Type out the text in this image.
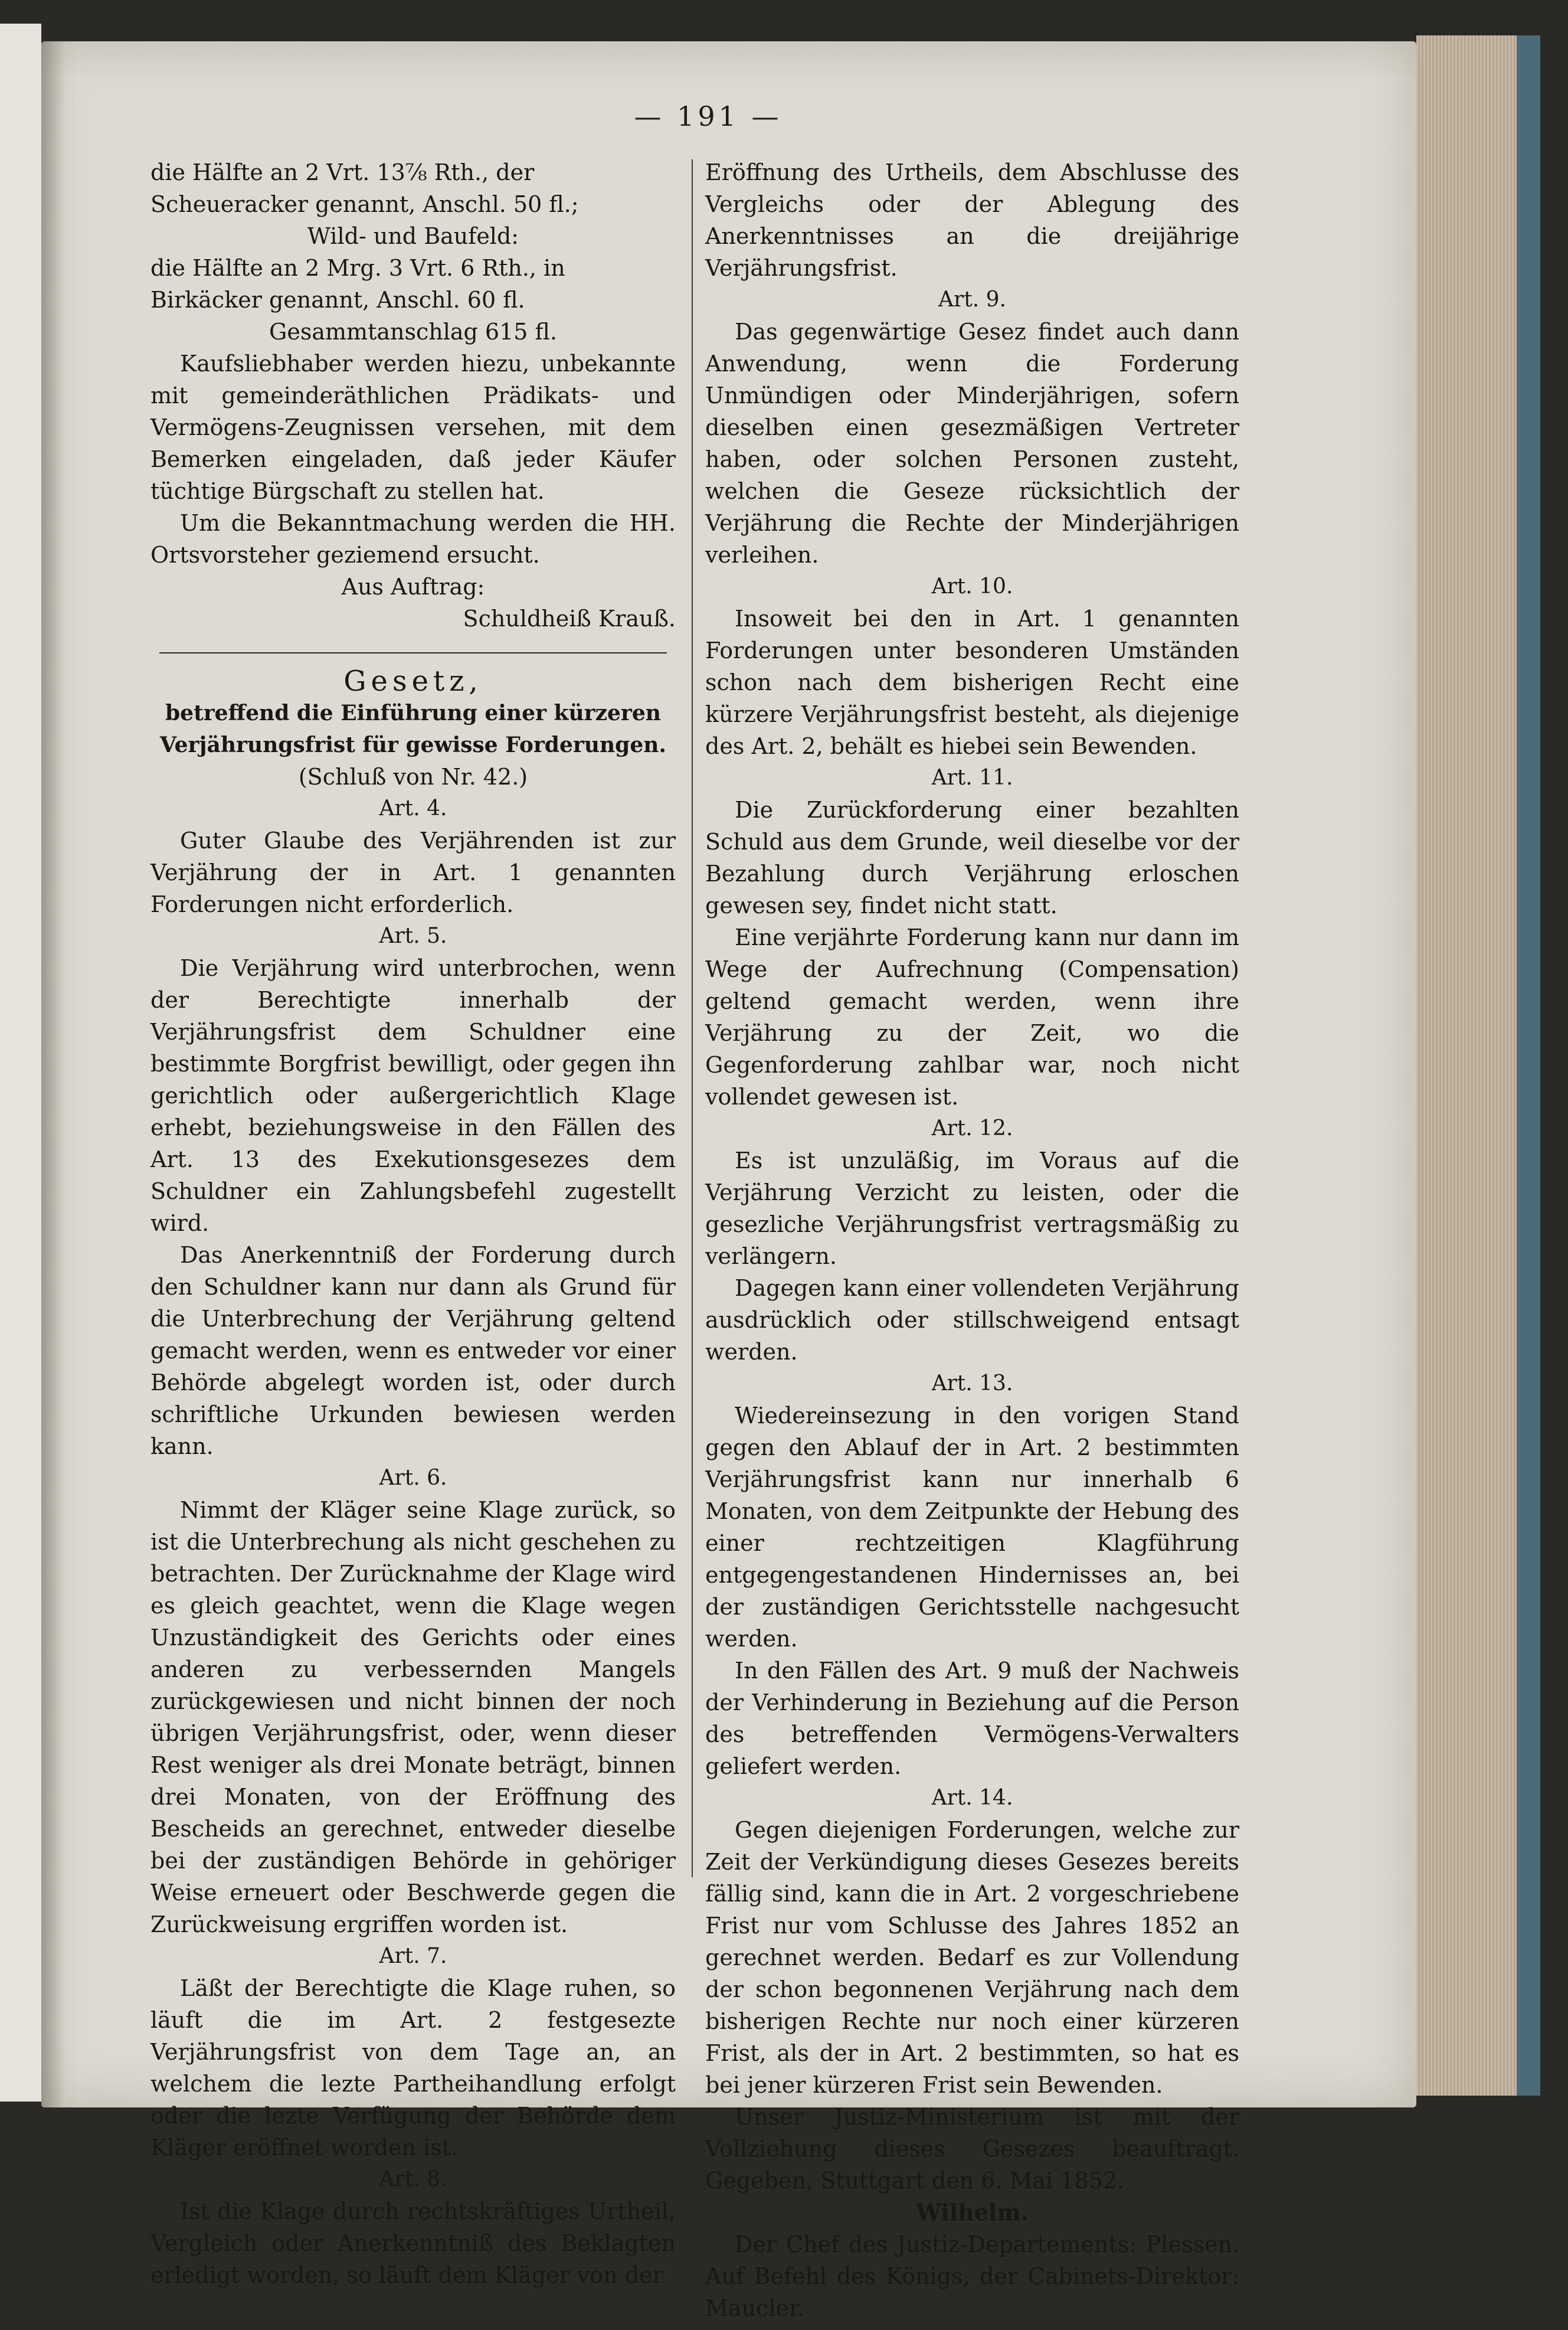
— 191 —
die Hälfte an 2 Vrt. 13⅞ Rth., der
Scheueracker genannt, Anschl. 50 fl.;
Wild- und Baufeld:
die Hälfte an 2 Mrg. 3 Vrt. 6 Rth., in
Birkäcker genannt, Anschl. 60 fl.
Gesammtanschlag 615 fl.

Kaufsliebhaber werden hiezu, unbekannte mit gemeinderäthlichen Prädikats- und Vermögens-Zeugnissen versehen, mit dem Bemerken eingeladen, daß jeder Käufer tüchtige Bürgschaft zu stellen hat.

Um die Bekanntmachung werden die HH. Ortsvorsteher geziemend ersucht.

Aus Auftrag:
Schuldheiß Krauß.
Gesetz,
betreffend die Einführung einer kürzeren
Verjährungsfrist für gewisse Forderungen.
(Schluß von Nr. 42.)
Art. 4.

Guter Glaube des Verjährenden ist zur Verjährung der in Art. 1 genannten Forderungen nicht erforderlich.

Art. 5.

Die Verjährung wird unterbrochen, wenn der Berechtigte innerhalb der Verjährungsfrist dem Schuldner eine bestimmte Borgfrist bewilligt, oder gegen ihn gerichtlich oder außergerichtlich Klage erhebt, beziehungsweise in den Fällen des Art. 13 des Exekutionsgesezes dem Schuldner ein Zahlungsbefehl zugestellt wird.

Das Anerkenntniß der Forderung durch den Schuldner kann nur dann als Grund für die Unterbrechung der Verjährung geltend gemacht werden, wenn es entweder vor einer Behörde abgelegt worden ist, oder durch schriftliche Urkunden bewiesen werden kann.

Art. 6.

Nimmt der Kläger seine Klage zurück, so ist die Unterbrechung als nicht geschehen zu betrachten. Der Zurücknahme der Klage wird es gleich geachtet, wenn die Klage wegen Unzuständigkeit des Gerichts oder eines anderen zu verbessernden Mangels zurückgewiesen und nicht binnen der noch übrigen Verjährungsfrist, oder, wenn dieser Rest weniger als drei Monate beträgt, binnen drei Monaten, von der Eröffnung des Bescheids an gerechnet, entweder dieselbe bei der zuständigen Behörde in gehöriger Weise erneuert oder Beschwerde gegen die Zurückweisung ergriffen worden ist.

Art. 7.

Läßt der Berechtigte die Klage ruhen, so läuft die im Art. 2 festgesezte Verjährungsfrist von dem Tage an, an welchem die lezte Partheihandlung erfolgt oder die lezte Verfügung der Behörde dem Kläger eröffnet worden ist.

Art. 8.

Ist die Klage durch rechtskräftiges Urtheil, Vergleich oder Anerkenntniß des Beklagten erledigt worden, so läuft dem Kläger von der

Eröffnung des Urtheils, dem Abschlusse des Vergleichs oder der Ablegung des Anerkenntnisses an die dreijährige Verjährungsfrist.

Art. 9.

Das gegenwärtige Gesez findet auch dann Anwendung, wenn die Forderung Unmündigen oder Minderjährigen, sofern dieselben einen gesezmäßigen Vertreter haben, oder solchen Personen zusteht, welchen die Geseze rücksichtlich der Verjährung die Rechte der Minderjährigen verleihen.

Art. 10.

Insoweit bei den in Art. 1 genannten Forderungen unter besonderen Umständen schon nach dem bisherigen Recht eine kürzere Verjährungsfrist besteht, als diejenige des Art. 2, behält es hiebei sein Bewenden.

Art. 11.

Die Zurückforderung einer bezahlten Schuld aus dem Grunde, weil dieselbe vor der Bezahlung durch Verjährung erloschen gewesen sey, findet nicht statt.

Eine verjährte Forderung kann nur dann im Wege der Aufrechnung (Compensation) geltend gemacht werden, wenn ihre Verjährung zu der Zeit, wo die Gegenforderung zahlbar war, noch nicht vollendet gewesen ist.

Art. 12.

Es ist unzuläßig, im Voraus auf die Verjährung Verzicht zu leisten, oder die gesezliche Verjährungsfrist vertragsmäßig zu verlängern.

Dagegen kann einer vollendeten Verjährung ausdrücklich oder stillschweigend entsagt werden.

Art. 13.

Wiedereinsezung in den vorigen Stand gegen den Ablauf der in Art. 2 bestimmten Verjährungsfrist kann nur innerhalb 6 Monaten, von dem Zeitpunkte der Hebung des einer rechtzeitigen Klagführung entgegengestandenen Hindernisses an, bei der zuständigen Gerichtsstelle nachgesucht werden.

In den Fällen des Art. 9 muß der Nachweis der Verhinderung in Beziehung auf die Person des betreffenden Vermögens-Verwalters geliefert werden.

Art. 14.

Gegen diejenigen Forderungen, welche zur Zeit der Verkündigung dieses Gesezes bereits fällig sind, kann die in Art. 2 vorgeschriebene Frist nur vom Schlusse des Jahres 1852 an gerechnet werden. Bedarf es zur Vollendung der schon begonnenen Verjährung nach dem bisherigen Rechte nur noch einer kürzeren Frist, als der in Art. 2 bestimmten, so hat es bei jener kürzeren Frist sein Bewenden.

Unser Justiz-Ministerium ist mit der Vollziehung dieses Gesezes beauftragt. Gegeben, Stuttgart den 6. Mai 1852.

Wilhelm.

Der Chef des Justiz-Departements: Plessen. Auf Befehl des Königs, der Cabinets-Direktor: Maucler.
